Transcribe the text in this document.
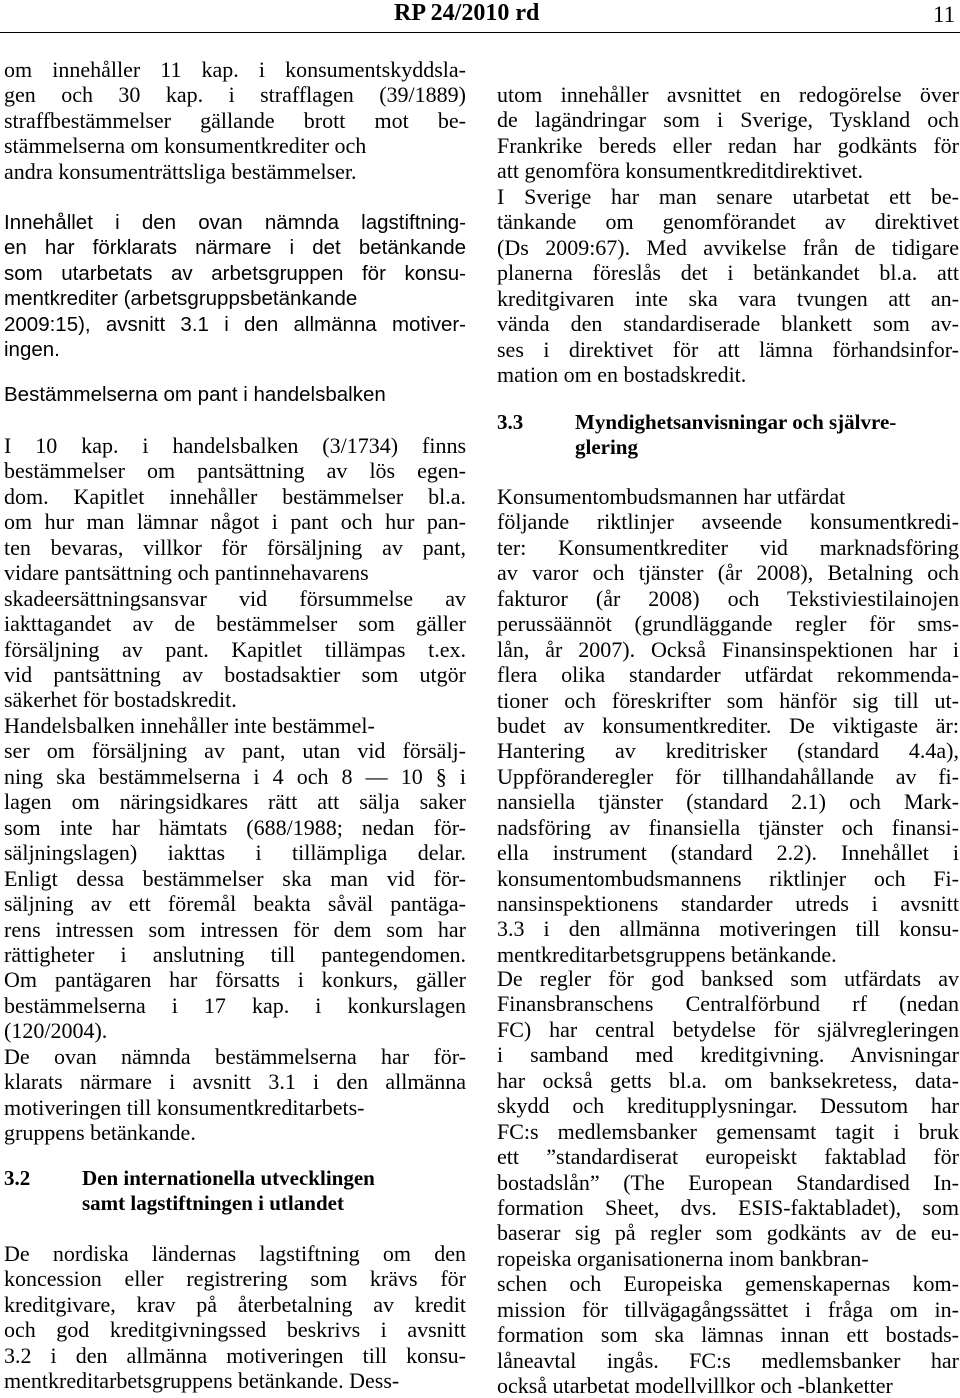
RP 24/2010 rd	11
om innehåller 11 kap. i konsumentskyddsla-
gen och 30 kap. i strafflagen (39/1889)
straffbestämmelser gällande brott mot be-
stämmelserna om konsumentkrediter och
andra konsumenträttsliga bestämmelser.
Innehållet i den ovan nämnda lagstiftning-
en har förklarats närmare i det betänkande
som utarbetats av arbetsgruppen för konsu-
mentkrediter (arbetsgruppsbetänkande
2009:15), avsnitt 3.1 i den allmänna motiver-
ingen.
Bestämmelserna om pant i handelsbalken
I 10 kap. i handelsbalken (3/1734) finns
bestämmelser om pantsättning av lös egen-
dom. Kapitlet innehåller bestämmelser bl.a.
om hur man lämnar något i pant och hur pan-
ten bevaras, villkor för försäljning av pant,
vidare pantsättning och pantinnehavarens
skadeersättningsansvar vid försummelse av
iakttagandet av de bestämmelser som gäller
försäljning av pant. Kapitlet tillämpas t.ex.
vid pantsättning av bostadsaktier som utgör
säkerhet för bostadskredit.
Handelsbalken innehåller inte bestämmel-
ser om försäljning av pant, utan vid försälj-
ning ska bestämmelserna i 4 och 8 — 10 § i
lagen om näringsidkares rätt att sälja saker
som inte har hämtats (688/1988; nedan för-
säljningslagen) iakttas i tillämpliga delar.
Enligt dessa bestämmelser ska man vid för-
säljning av ett föremål beakta såväl pantäga-
rens intressen som intressen för dem som har
rättigheter i anslutning till pantegendomen.
Om pantägaren har försatts i konkurs, gäller
bestämmelserna i 17 kap. i konkurslagen
(120/2004).
De ovan nämnda bestämmelserna har för-
klarats närmare i avsnitt 3.1 i den allmänna
motiveringen till konsumentkreditarbets-
gruppens betänkande.
3.2 Den internationella utvecklingen
samt lagstiftningen i utlandet
De nordiska ländernas lagstiftning om den
koncession eller registrering som krävs för
kreditgivare, krav på återbetalning av kredit
och god kreditgivningssed beskrivs i avsnitt
3.2 i den allmänna motiveringen till konsu-
mentkreditarbetsgruppens betänkande. Dess-
utom innehåller avsnittet en redogörelse över
de lagändringar som i Sverige, Tyskland och
Frankrike bereds eller redan har godkänts för
att genomföra konsumentkreditdirektivet.
I Sverige har man senare utarbetat ett be-
tänkande om genomförandet av direktivet
(Ds 2009:67). Med avvikelse från de tidigare
planerna föreslås det i betänkandet bl.a. att
kreditgivaren inte ska vara tvungen att an-
vända den standardiserade blankett som av-
ses i direktivet för att lämna förhandsinfor-
mation om en bostadskredit.
3.3 Myndighetsanvisningar och självre-
glering
Konsumentombudsmannen har utfärdat
följande riktlinjer avseende konsumentkredi-
ter: Konsumentkrediter vid marknadsföring
av varor och tjänster (år 2008), Betalning och
fakturor (år 2008) och Tekstiviestilainojen
perussäännöt (grundläggande regler för sms-
lån, år 2007). Också Finansinspektionen har i
flera olika standarder utfärdat rekommenda-
tioner och föreskrifter som hänför sig till ut-
budet av konsumentkrediter. De viktigaste är:
Hantering av kreditrisker (standard 4.4a),
Uppföranderegler för tillhandahållande av fi-
nansiella tjänster (standard 2.1) och Mark-
nadsföring av finansiella tjänster och finansi-
ella instrument (standard 2.2). Innehållet i
konsumentombudsmannens riktlinjer och Fi-
nansinspektionens standarder utreds i avsnitt
3.3 i den allmänna motiveringen till konsu-
mentkreditarbetsgruppens betänkande.
De regler för god banksed som utfärdats av
Finansbranschens Centralförbund rf (nedan
FC) har central betydelse för självregleringen
i samband med kreditgivning. Anvisningar
har också getts bl.a. om banksekretess, data-
skydd och kreditupplysningar. Dessutom har
FC:s medlemsbanker gemensamt tagit i bruk
ett ”standardiserat europeiskt faktablad för
bostadslån” (The European Standardised In-
formation Sheet, dvs. ESIS-faktabladet), som
baserar sig på regler som godkänts av de eu-
ropeiska organisationerna inom bankbran-
schen och Europeiska gemenskapernas kom-
mission för tillvägagångssättet i fråga om in-
formation som ska lämnas innan ett bostads-
låneavtal ingås. FC:s medlemsbanker har
också utarbetat modellvillkor och -blanketter
